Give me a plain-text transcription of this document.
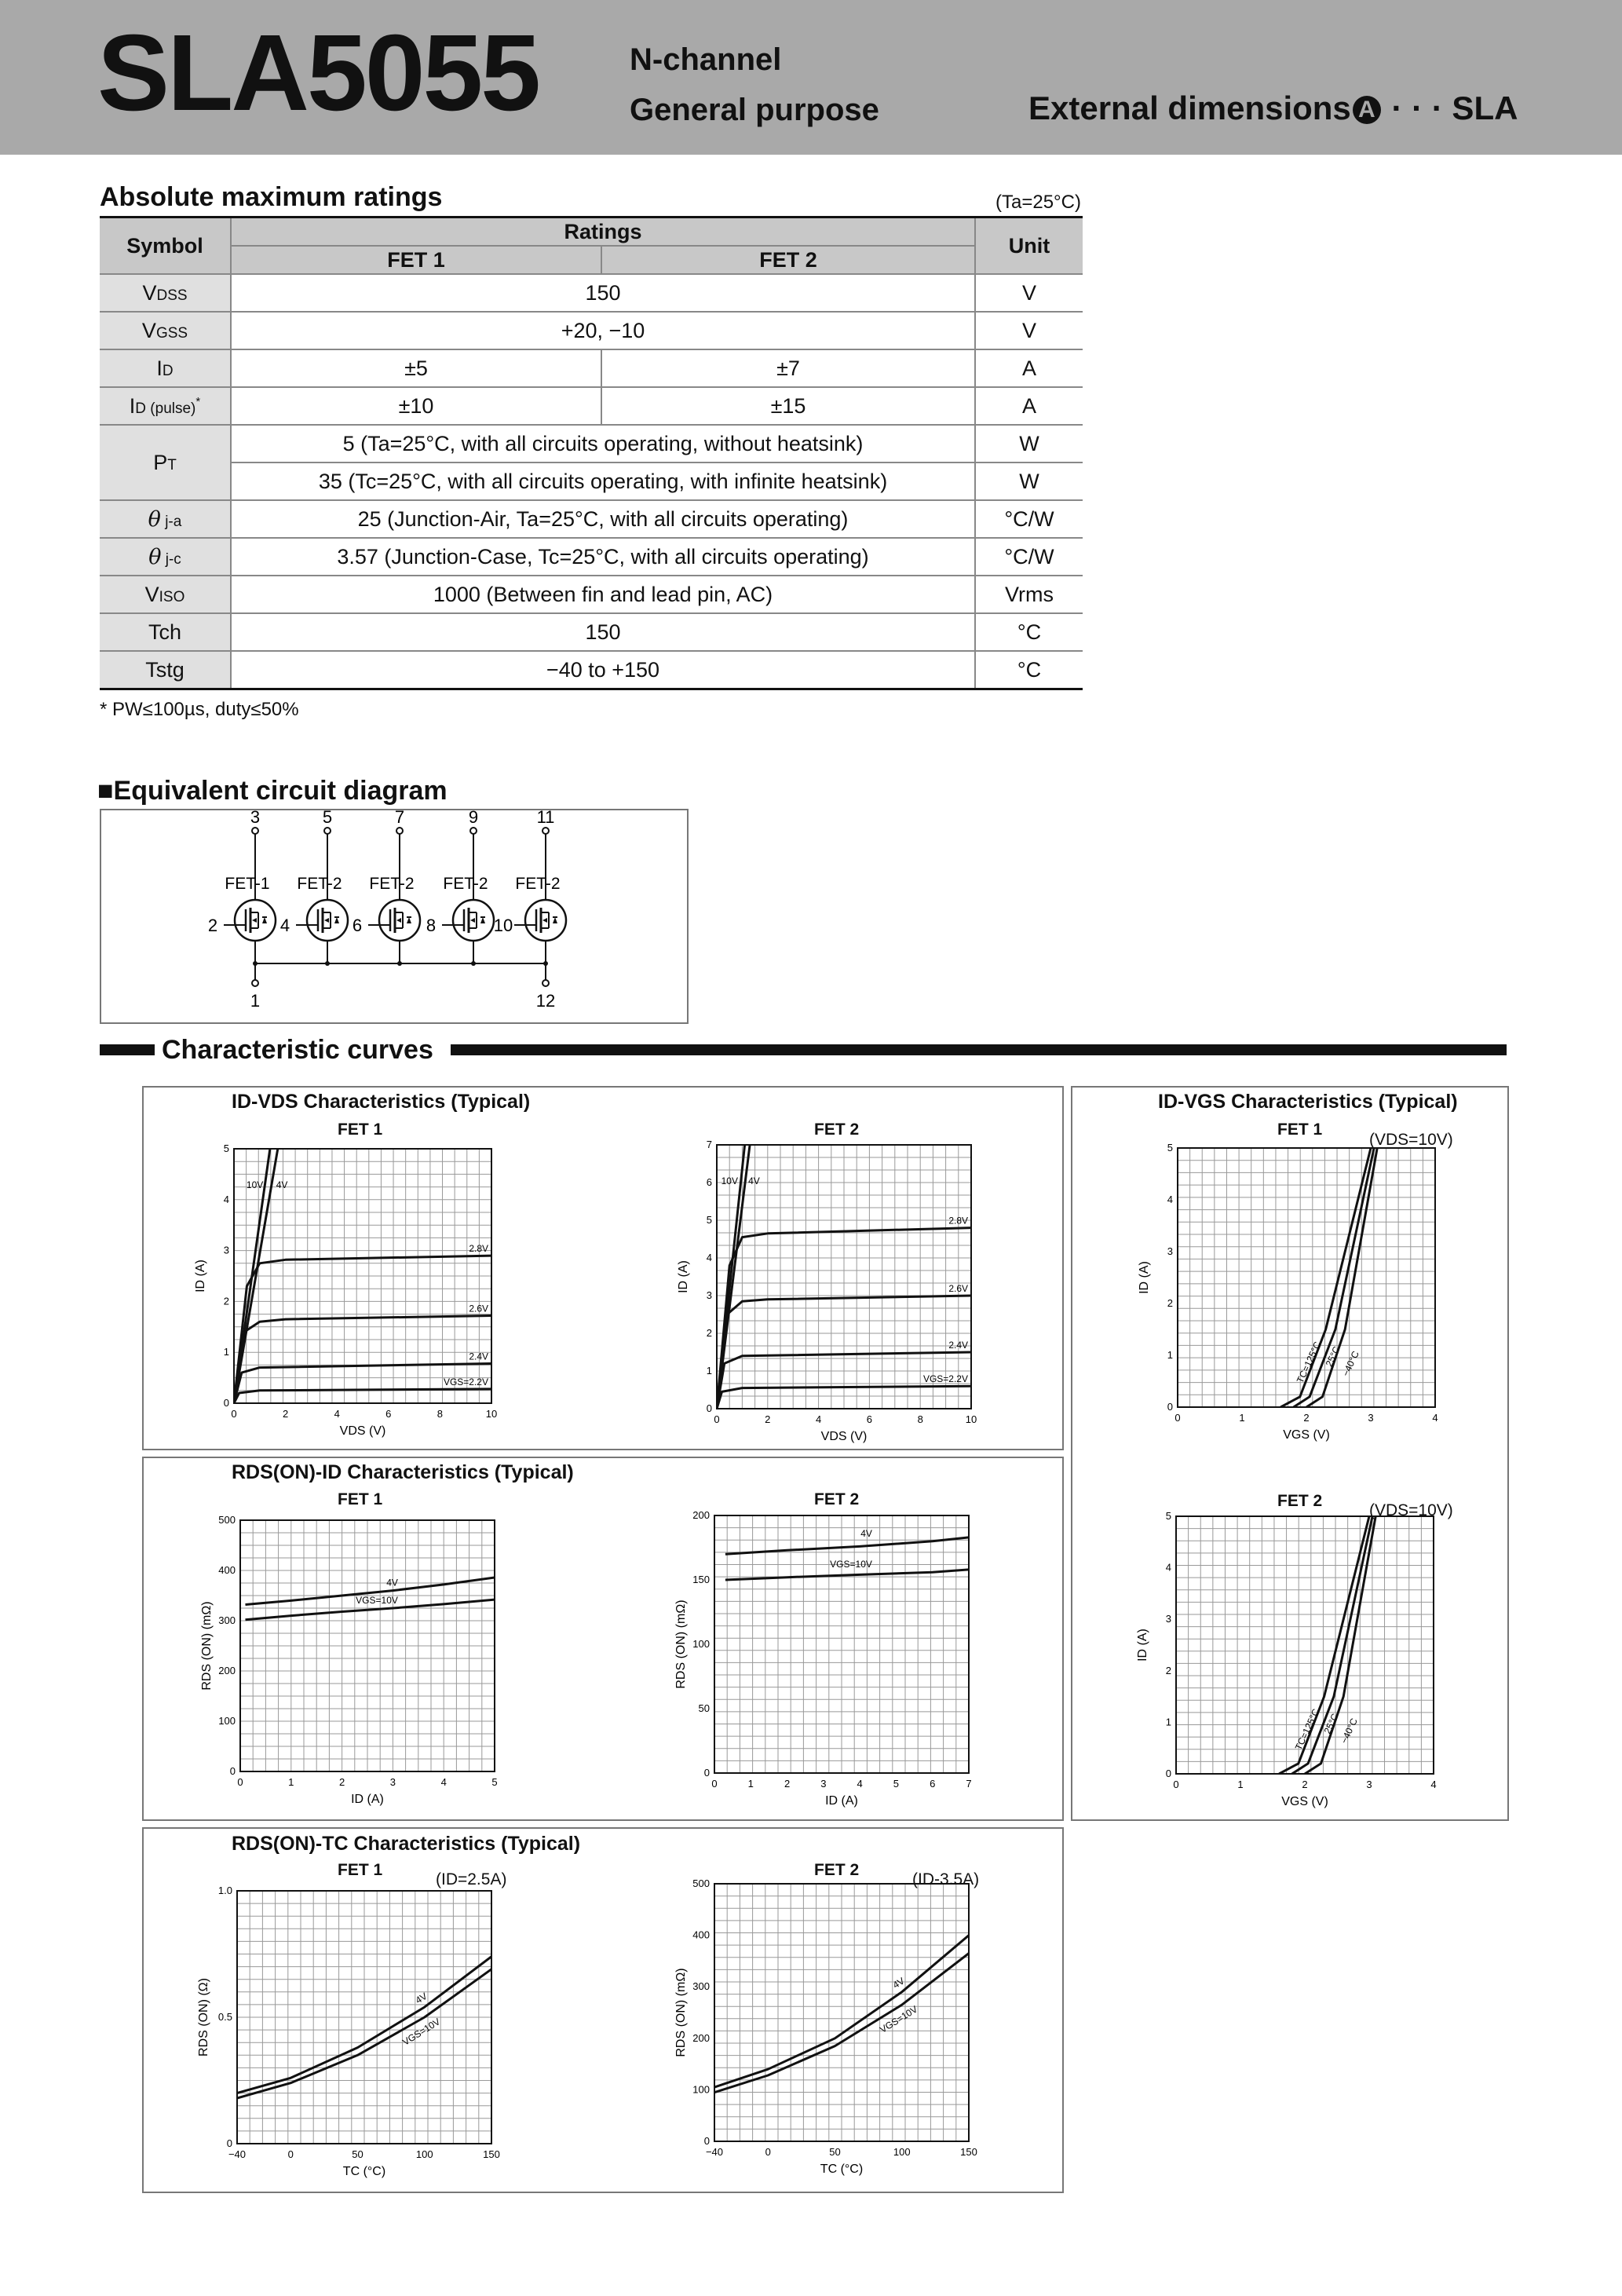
SLA5055	N-channel
General purpose	External dimensions A · · · SLA
Absolute maximum ratings	(Ta=25°C)
Symbol	Ratings		Unit
	FET 1	FET 2	
VDSS	150		V
VGSS	+20, −10		V
ID	±5	±7	A
ID (pulse)*	±10	±15	A
PT	5 (Ta=25°C, with all circuits operating, without heatsink)		W
	35 (Tc=25°C, with all circuits operating, with infinite heatsink)		W
θ j-a	25 (Junction-Air, Ta=25°C, with all circuits operating)		°C/W
θ j-c	3.57 (Junction-Case, Tc=25°C, with all circuits operating)		°C/W
VISO	1000 (Between fin and lead pin, AC)		Vrms
Tch	150		°C
Tstg	−40 to +150		°C
* PW≤100µs, duty≤50%
■Equivalent circuit diagram
1	12
3
FET-1
2
5
FET-2
4
7
FET-2
6
9
FET-2
8
11
FET-2
10
Characteristic curves
ID-VDS Characteristics (Typical)	ID-VGS Characteristics (Typical)
RDS(ON)-ID Characteristics (Typical)
RDS(ON)-TC Characteristics (Typical)
FET 1	FET 2	FET 1
(VDS=10V)
FET 2
(VDS=10V)
FET 1	FET 2
FET 1
(ID=2.5A)
FET 2
(ID-3.5A)
0	2	4	6	8	10
0
1
2
3
4
5
VDS (V)
ID (A)
10V 4V
2.8V
2.6V
2.4V
VGS=2.2V
0	2	4	6	8	10
0
1
2
3
4
5
6
7
VDS (V)
ID (A)
10V 4V
2.8V
2.6V
2.4V
VGS=2.2V
0	1	2	3	4
0
1
2
3
4
5
VGS (V)
ID (A)
TC=125°C 25°C
−40°C
0	1	2	3	4
0
1
2
3
4
5
VGS (V)
ID (A)
TC=125°C 25°C
−40°C
0	1	2	3	4	5
0
100
200
300
400
500
ID (A)
RDS (ON) (mΩ)
4V
VGS=10V
0	1	2	3	4	5	6	7
0
50
100
150
200
ID (A)
RDS (ON) (mΩ)
4V
VGS=10V
−40	0	50	100	150
0
0.5
1.0
TC (°C)
RDS (ON) (Ω)	4V
VGS=10V
−40	0	50	100	150
0
100
200
300
400
500
TC (°C)
RDS (ON) (mΩ)	4V
VGS=10V
